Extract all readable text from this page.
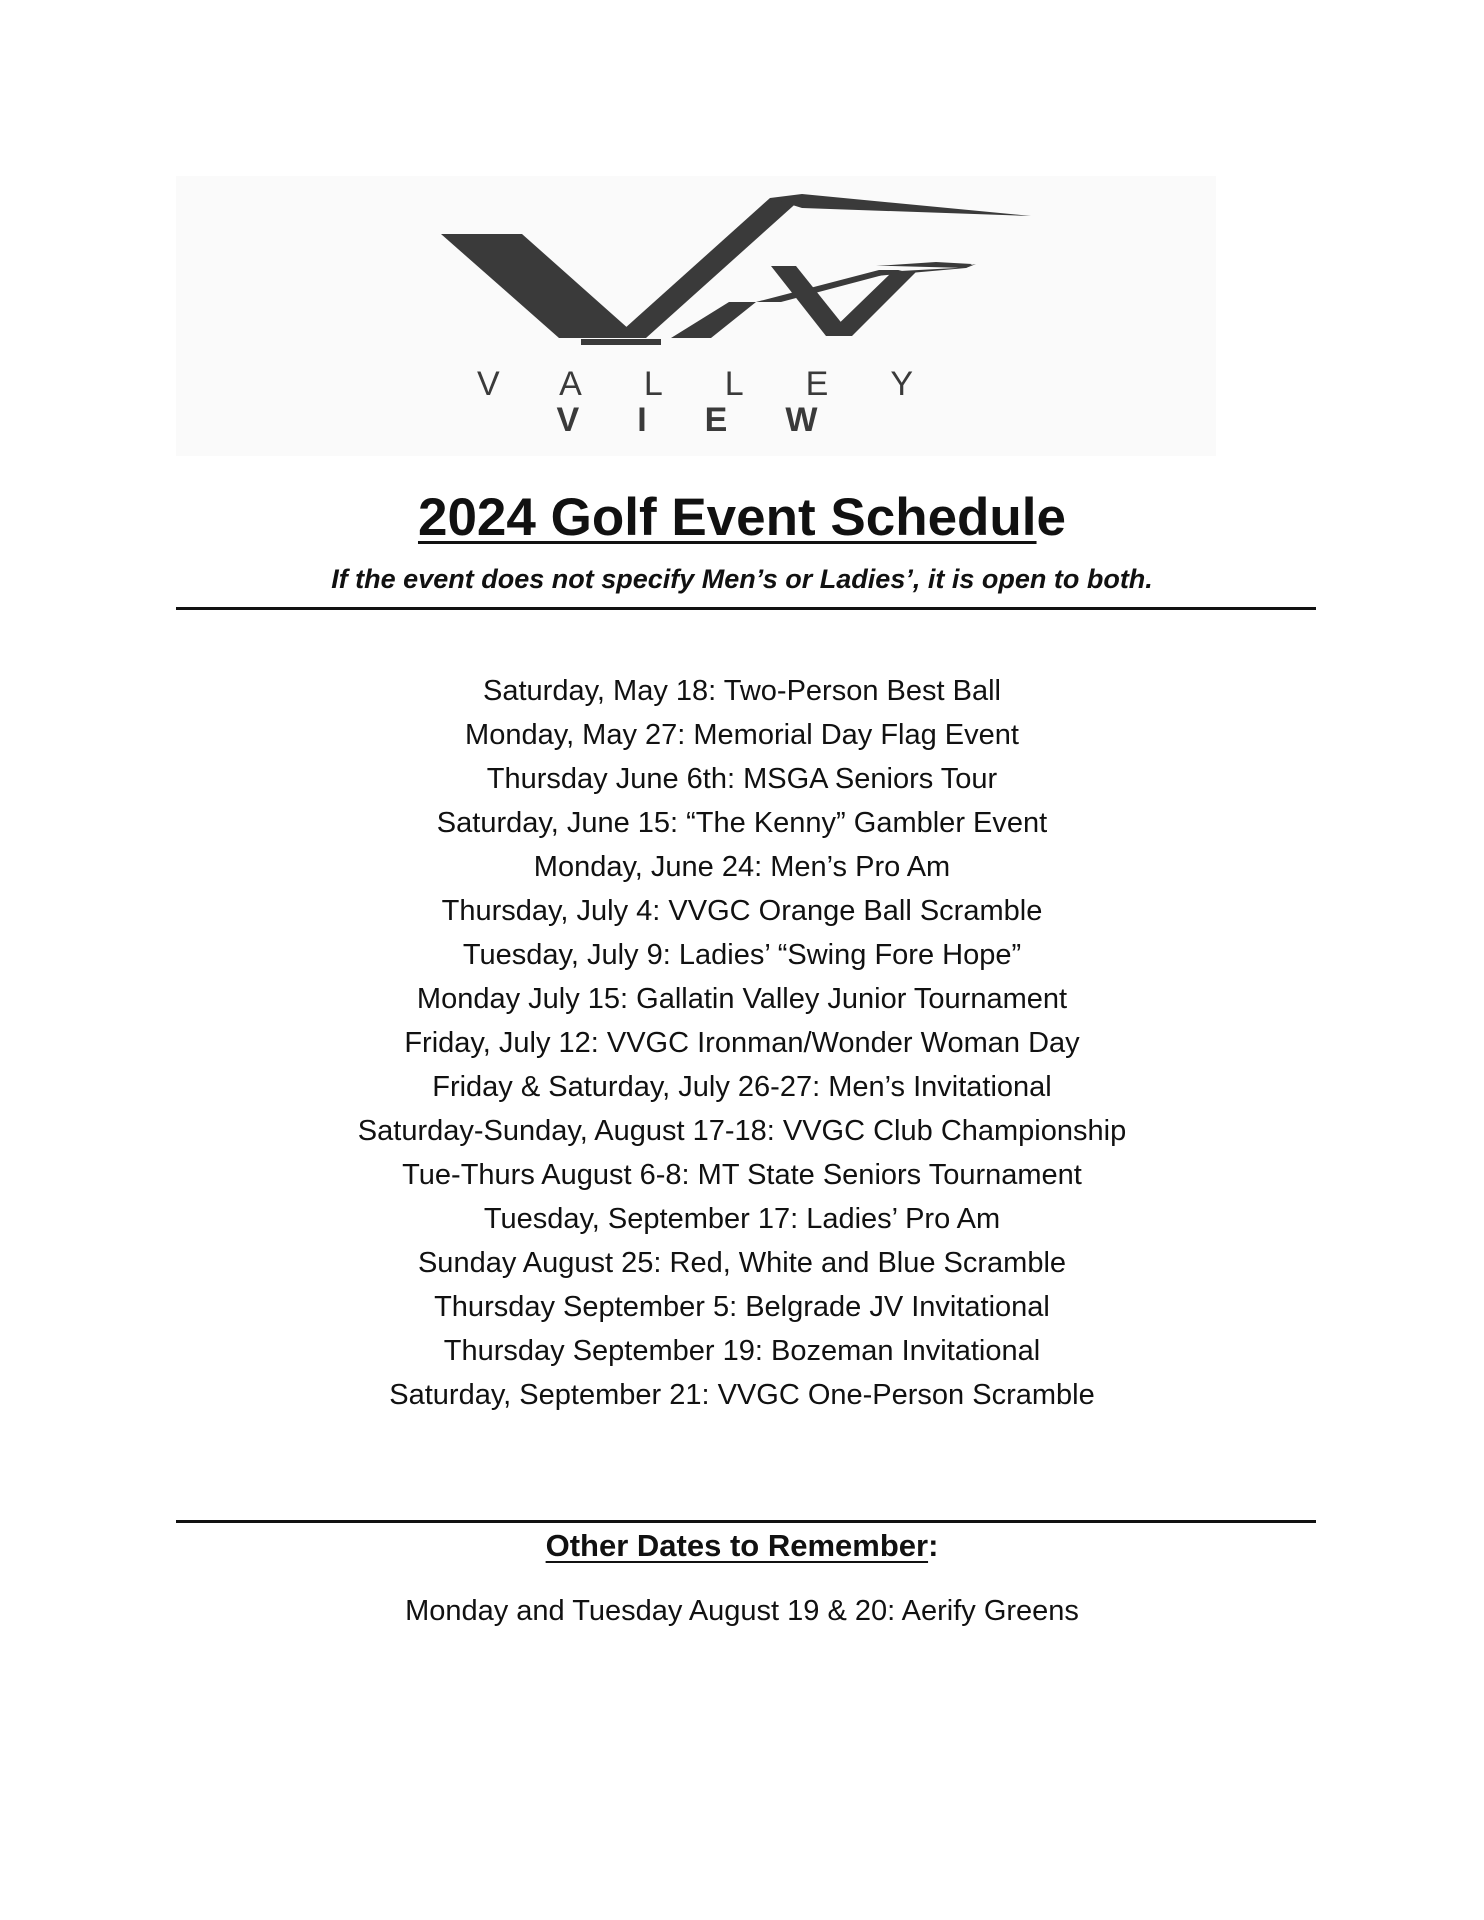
VALLEY
VIEW
2024 Golf Event Schedule
If the event does not specify Men’s or Ladies’, it is open to both.
Saturday, May 18: Two-Person Best Ball
Monday, May 27: Memorial Day Flag Event
Thursday June 6th: MSGA Seniors Tour
Saturday, June 15: “The Kenny” Gambler Event
Monday, June 24: Men’s Pro Am
Thursday, July 4: VVGC Orange Ball Scramble
Tuesday, July 9: Ladies’ “Swing Fore Hope”
Monday July 15: Gallatin Valley Junior Tournament
Friday, July 12: VVGC Ironman/Wonder Woman Day
Friday & Saturday, July 26-27: Men’s Invitational
Saturday-Sunday, August 17-18: VVGC Club Championship
Tue-Thurs August 6-8: MT State Seniors Tournament
Tuesday, September 17: Ladies’ Pro Am
Sunday August 25: Red, White and Blue Scramble
Thursday September 5: Belgrade JV Invitational
Thursday September 19: Bozeman Invitational
Saturday, September 21: VVGC One-Person Scramble
Other Dates to Remember:
Monday and Tuesday August 19 & 20: Aerify Greens
